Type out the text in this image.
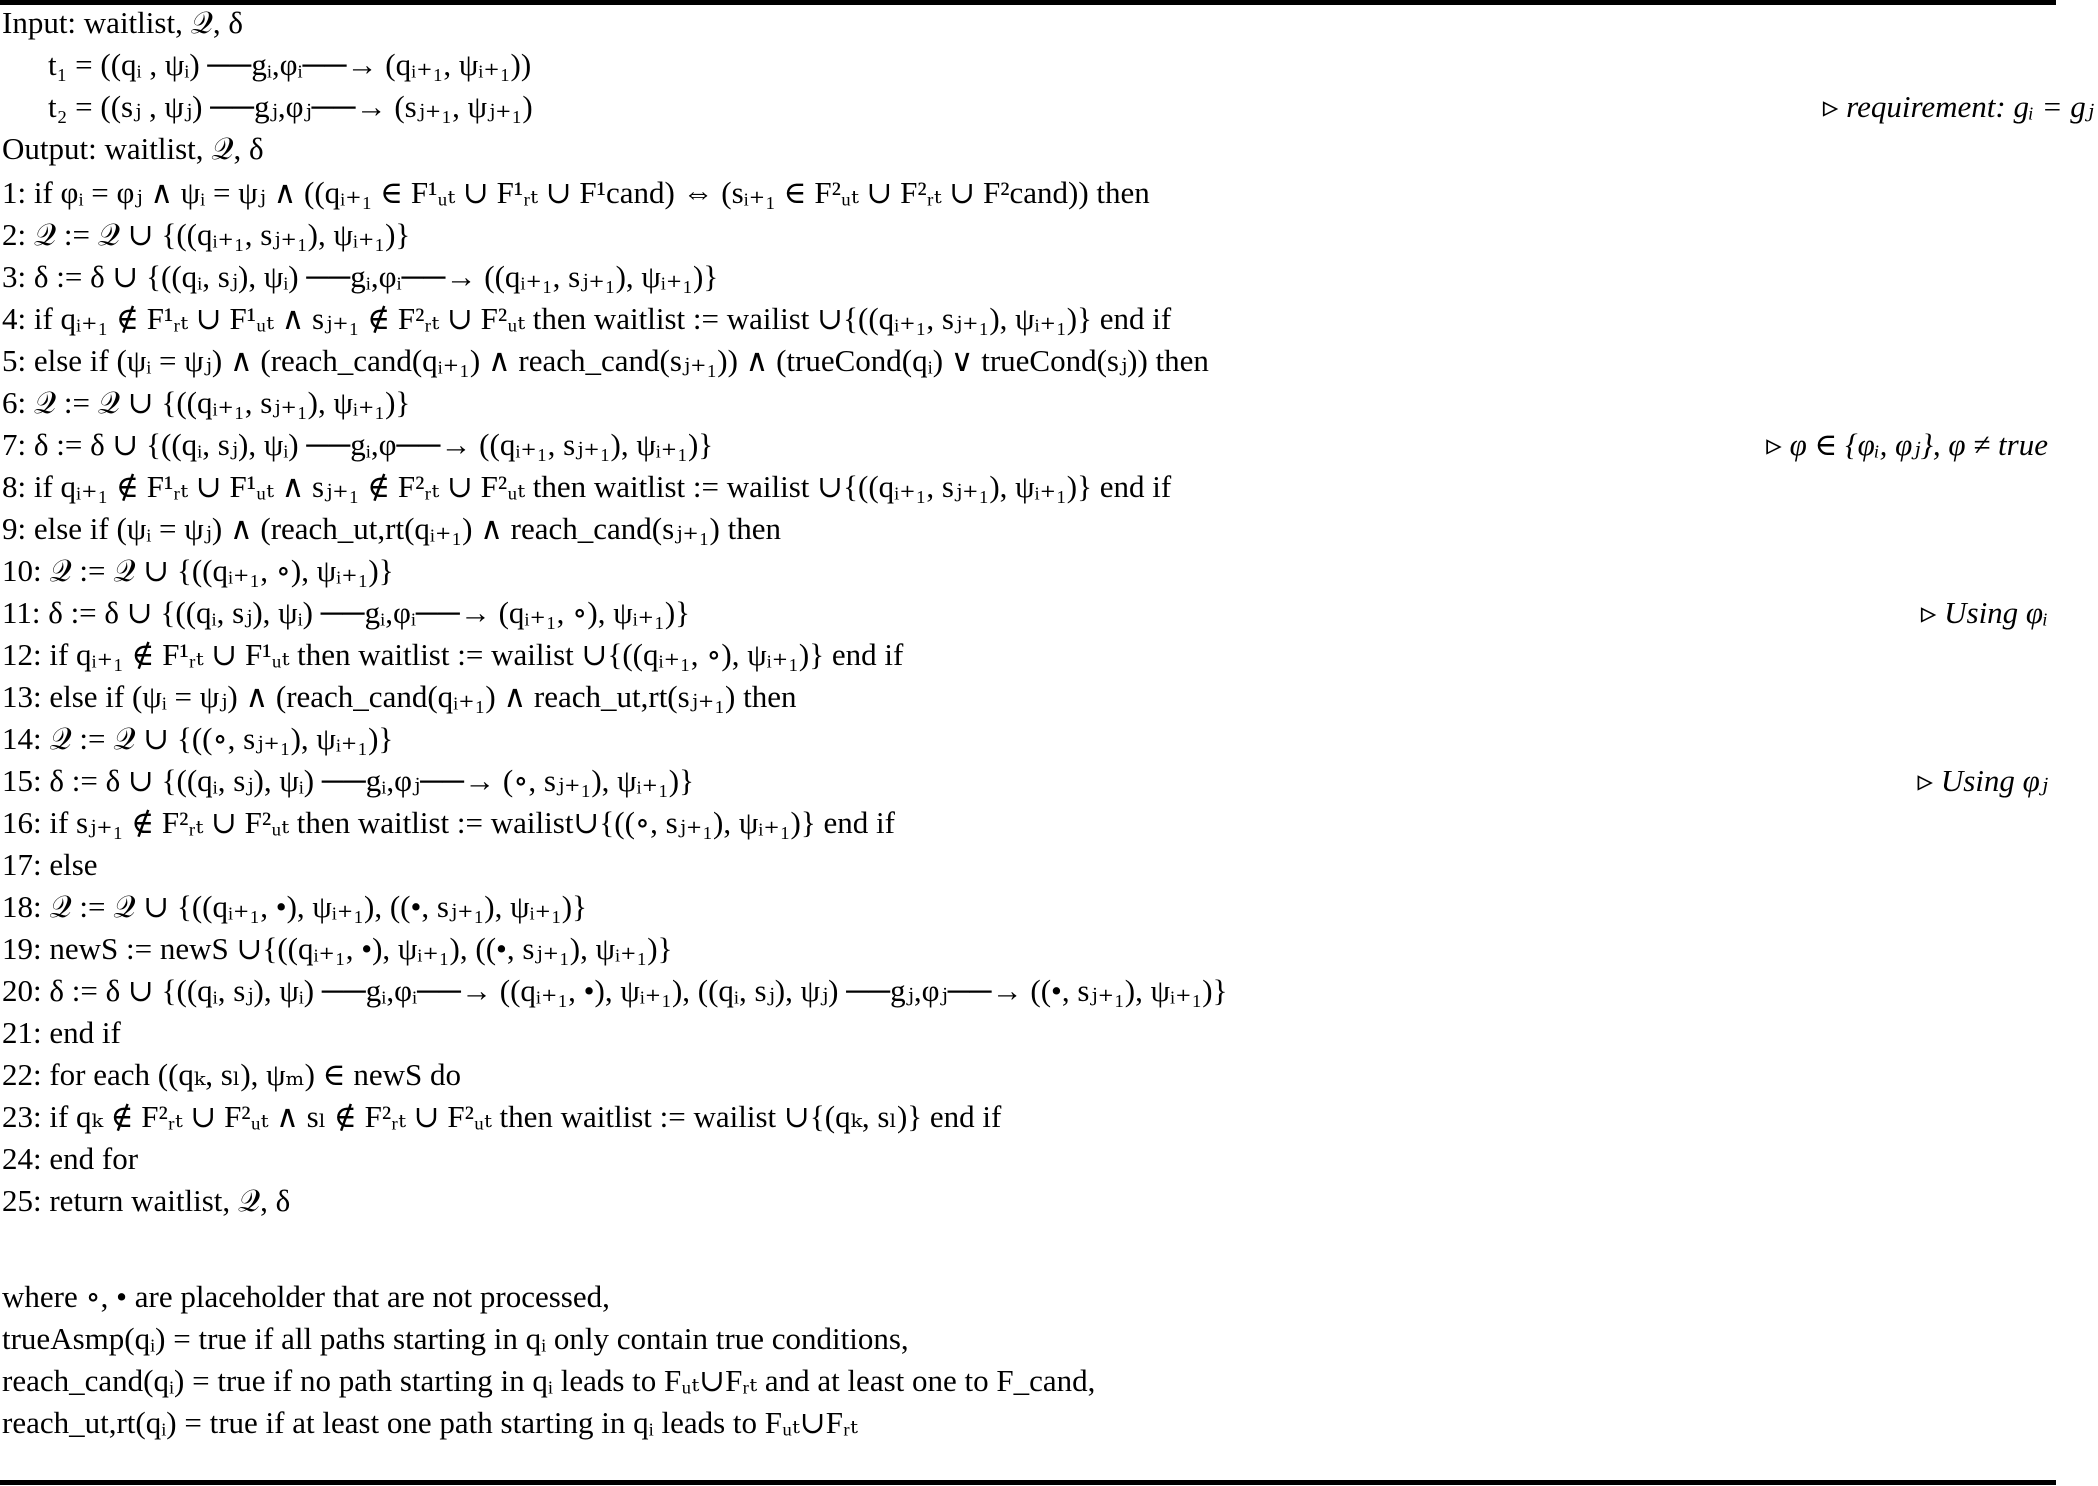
Input: waitlist, 𝒬, δ
t₁ = ((qᵢ , ψᵢ) ──gᵢ,φᵢ──→ (qᵢ₊₁, ψᵢ₊₁))
t₂ = ((sⱼ , ψⱼ) ──gⱼ,φⱼ──→ (sⱼ₊₁, ψⱼ₊₁)	▹ requirement: gᵢ = gⱼ
Output: waitlist, 𝒬, δ
1: if φᵢ = φⱼ ∧ ψᵢ = ψⱼ ∧ ((qᵢ₊₁ ∈ F¹ᵤₜ ∪ F¹ᵣₜ ∪ F¹cand) ⇔ (sᵢ₊₁ ∈ F²ᵤₜ ∪ F²ᵣₜ ∪ F²cand)) then
2: 𝒬 := 𝒬 ∪ {((qᵢ₊₁, sⱼ₊₁), ψᵢ₊₁)}
3: δ := δ ∪ {((qᵢ, sⱼ), ψᵢ) ──gᵢ,φᵢ──→ ((qᵢ₊₁, sⱼ₊₁), ψᵢ₊₁)}
4: if qᵢ₊₁ ∉ F¹ᵣₜ ∪ F¹ᵤₜ ∧ sⱼ₊₁ ∉ F²ᵣₜ ∪ F²ᵤₜ then waitlist := wailist ∪{((qᵢ₊₁, sⱼ₊₁), ψᵢ₊₁)} end if
5: else if (ψᵢ = ψⱼ) ∧ (reach_cand(qᵢ₊₁) ∧ reach_cand(sⱼ₊₁)) ∧ (trueCond(qᵢ) ∨ trueCond(sⱼ)) then
6: 𝒬 := 𝒬 ∪ {((qᵢ₊₁, sⱼ₊₁), ψᵢ₊₁)}
7: δ := δ ∪ {((qᵢ, sⱼ), ψᵢ) ──gᵢ,φ──→ ((qᵢ₊₁, sⱼ₊₁), ψᵢ₊₁)}	▹ φ ∈ {φᵢ, φⱼ}, φ ≠ true
8: if qᵢ₊₁ ∉ F¹ᵣₜ ∪ F¹ᵤₜ ∧ sⱼ₊₁ ∉ F²ᵣₜ ∪ F²ᵤₜ then waitlist := wailist ∪{((qᵢ₊₁, sⱼ₊₁), ψᵢ₊₁)} end if
9: else if (ψᵢ = ψⱼ) ∧ (reach_ut,rt(qᵢ₊₁) ∧ reach_cand(sⱼ₊₁) then
10: 𝒬 := 𝒬 ∪ {((qᵢ₊₁, ∘), ψᵢ₊₁)}
11: δ := δ ∪ {((qᵢ, sⱼ), ψᵢ) ──gᵢ,φᵢ──→ (qᵢ₊₁, ∘), ψᵢ₊₁)}	▹ Using φᵢ
12: if qᵢ₊₁ ∉ F¹ᵣₜ ∪ F¹ᵤₜ then waitlist := wailist ∪{((qᵢ₊₁, ∘), ψᵢ₊₁)} end if
13: else if (ψᵢ = ψⱼ) ∧ (reach_cand(qᵢ₊₁) ∧ reach_ut,rt(sⱼ₊₁) then
14: 𝒬 := 𝒬 ∪ {((∘, sⱼ₊₁), ψᵢ₊₁)}
15: δ := δ ∪ {((qᵢ, sⱼ), ψᵢ) ──gᵢ,φⱼ──→ (∘, sⱼ₊₁), ψᵢ₊₁)}	▹ Using φⱼ
16: if sⱼ₊₁ ∉ F²ᵣₜ ∪ F²ᵤₜ then waitlist := wailist∪{((∘, sⱼ₊₁), ψᵢ₊₁)} end if
17: else
18: 𝒬 := 𝒬 ∪ {((qᵢ₊₁, •), ψᵢ₊₁), ((•, sⱼ₊₁), ψᵢ₊₁)}
19: newS := newS ∪{((qᵢ₊₁, •), ψᵢ₊₁), ((•, sⱼ₊₁), ψᵢ₊₁)}
20: δ := δ ∪ {((qᵢ, sⱼ), ψᵢ) ──gᵢ,φᵢ──→ ((qᵢ₊₁, •), ψᵢ₊₁), ((qᵢ, sⱼ), ψⱼ) ──gⱼ,φⱼ──→ ((•, sⱼ₊₁), ψᵢ₊₁)}
21: end if
22: for each ((qₖ, sₗ), ψₘ) ∈ newS do
23: if qₖ ∉ F²ᵣₜ ∪ F²ᵤₜ ∧ sₗ ∉ F²ᵣₜ ∪ F²ᵤₜ then waitlist := wailist ∪{(qₖ, sₗ)} end if
24: end for
25: return waitlist, 𝒬, δ
where ∘, • are placeholder that are not processed,
trueAsmp(qᵢ) = true if all paths starting in qᵢ only contain true conditions,
reach_cand(qᵢ) = true if no path starting in qᵢ leads to Fᵤₜ∪Fᵣₜ and at least one to F_cand,
reach_ut,rt(qᵢ) = true if at least one path starting in qᵢ leads to Fᵤₜ∪Fᵣₜ
